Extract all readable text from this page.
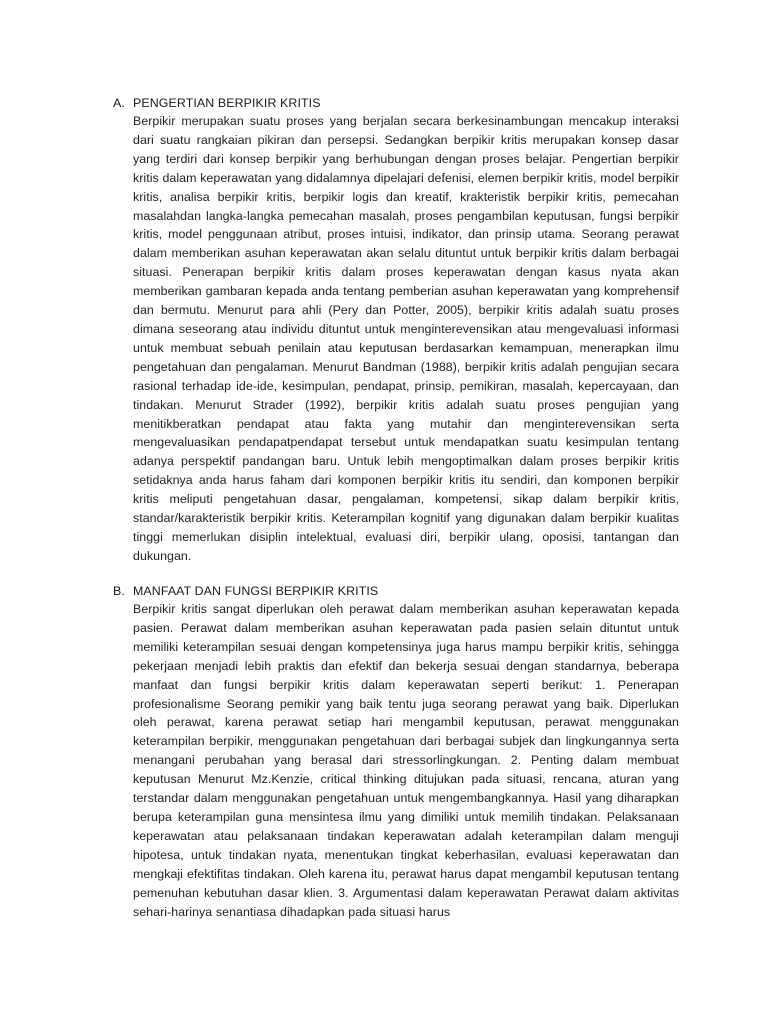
A. PENGERTIAN BERPIKIR KRITIS
Berpikir merupakan suatu proses yang berjalan secara berkesinambungan mencakup interaksi dari suatu rangkaian pikiran dan persepsi. Sedangkan berpikir kritis merupakan konsep dasar yang terdiri dari konsep berpikir yang berhubungan dengan proses belajar. Pengertian berpikir kritis dalam keperawatan yang didalamnya dipelajari defenisi, elemen berpikir kritis, model berpikir kritis, analisa berpikir kritis, berpikir logis dan kreatif, krakteristik berpikir kritis, pemecahan masalahdan langka-langka pemecahan masalah, proses pengambilan keputusan, fungsi berpikir kritis, model penggunaan atribut, proses intuisi, indikator, dan prinsip utama. Seorang perawat dalam memberikan asuhan keperawatan akan selalu dituntut untuk berpikir kritis dalam berbagai situasi. Penerapan berpikir kritis dalam proses keperawatan dengan kasus nyata akan memberikan gambaran kepada anda tentang pemberian asuhan keperawatan yang komprehensif dan bermutu. Menurut para ahli (Pery dan Potter, 2005), berpikir kritis adalah suatu proses dimana seseorang atau individu dituntut untuk menginterevensikan atau mengevaluasi informasi untuk membuat sebuah penilain atau keputusan berdasarkan kemampuan, menerapkan ilmu pengetahuan dan pengalaman. Menurut Bandman (1988), berpikir kritis adalah pengujian secara rasional terhadap ide-ide, kesimpulan, pendapat, prinsip, pemikiran, masalah, kepercayaan, dan tindakan. Menurut Strader (1992), berpikir kritis adalah suatu proses pengujian yang menitikberatkan pendapat atau fakta yang mutahir dan menginterevensikan serta mengevaluasikan pendapatpendapat tersebut untuk mendapatkan suatu kesimpulan tentang adanya perspektif pandangan baru. Untuk lebih mengoptimalkan dalam proses berpikir kritis setidaknya anda harus faham dari komponen berpikir kritis itu sendiri, dan komponen berpikir kritis meliputi pengetahuan dasar, pengalaman, kompetensi, sikap dalam berpikir kritis, standar/karakteristik berpikir kritis. Keterampilan kognitif yang digunakan dalam berpikir kualitas tinggi memerlukan disiplin intelektual, evaluasi diri, berpikir ulang, oposisi, tantangan dan dukungan.
B. MANFAAT DAN FUNGSI BERPIKIR KRITIS
Berpikir kritis sangat diperlukan oleh perawat dalam memberikan asuhan keperawatan kepada pasien. Perawat dalam memberikan asuhan keperawatan pada pasien selain dituntut untuk memiliki keterampilan sesuai dengan kompetensinya juga harus mampu berpikir kritis, sehingga pekerjaan menjadi lebih praktis dan efektif dan bekerja sesuai dengan standarnya, beberapa manfaat dan fungsi berpikir kritis dalam keperawatan seperti berikut: 1. Penerapan profesionalisme Seorang pemikir yang baik tentu juga seorang perawat yang baik. Diperlukan oleh perawat, karena perawat setiap hari mengambil keputusan, perawat menggunakan keterampilan berpikir, menggunakan pengetahuan dari berbagai subjek dan lingkungannya serta menangani perubahan yang berasal dari stressorlingkungan. 2. Penting dalam membuat keputusan Menurut Mz.Kenzie, critical thinking ditujukan pada situasi, rencana, aturan yang terstandar dalam menggunakan pengetahuan untuk mengembangkannya. Hasil yang diharapkan berupa keterampilan guna mensintesa ilmu yang dimiliki untuk memilih tindakan. Pelaksanaan keperawatan atau pelaksanaan tindakan keperawatan adalah keterampilan dalam menguji hipotesa, untuk tindakan nyata, menentukan tingkat keberhasilan, evaluasi keperawatan dan mengkaji efektifitas tindakan. Oleh karena itu, perawat harus dapat mengambil keputusan tentang pemenuhan kebutuhan dasar klien. 3. Argumentasi dalam keperawatan Perawat dalam aktivitas sehari-harinya senantiasa dihadapkan pada situasi harus
